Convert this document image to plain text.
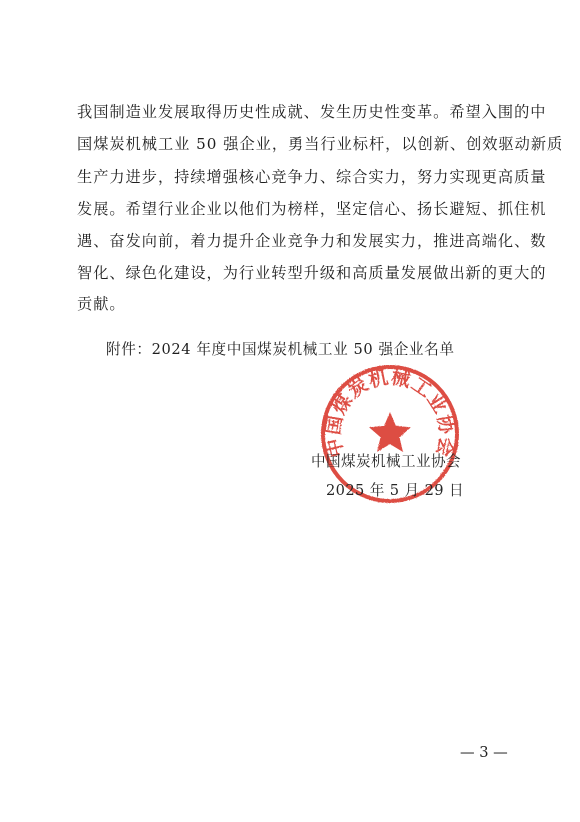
我国制造业发展取得历史性成就、发生历史性变革。希望入围的中
国煤炭机械工业 50 强企业，勇当行业标杆，以创新、创效驱动新质
生产力进步，持续增强核心竞争力、综合实力，努力实现更高质量
发展。希望行业企业以他们为榜样，坚定信心、扬长避短、抓住机
遇、奋发向前，着力提升企业竞争力和发展实力，推进高端化、数
智化、绿色化建设，为行业转型升级和高质量发展做出新的更大的
贡献。
附件：2024 年度中国煤炭机械工业 50 强企业名单
中国煤炭机械工业协会
中国煤炭机械工业协会
2025 年 5 月 29 日
— 3 —
